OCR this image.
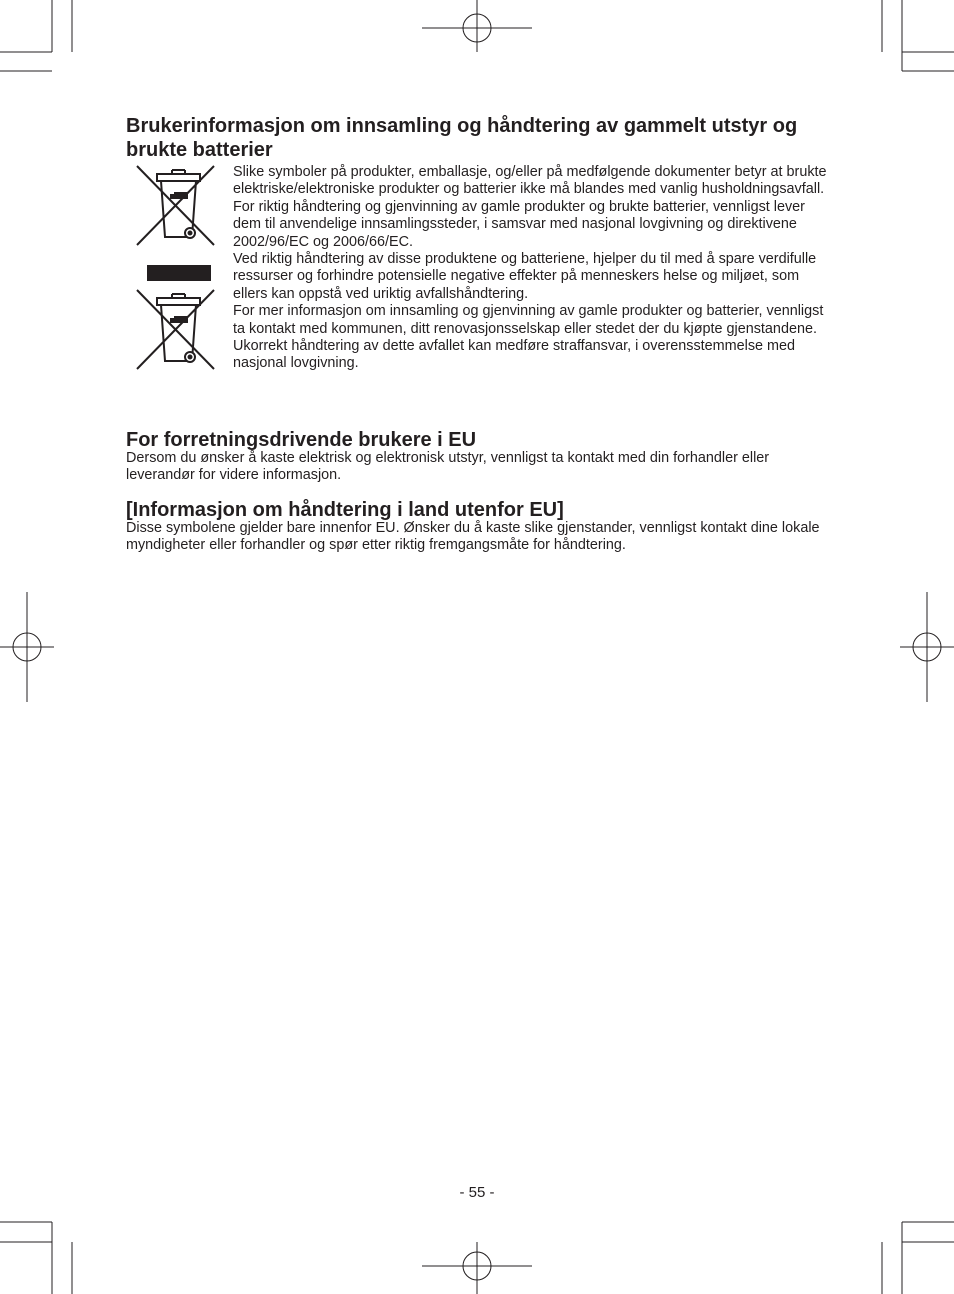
Brukerinformasjon om innsamling og håndtering av gammelt utstyr og brukte batterier

Slike symboler på produkter, emballasje, og/eller på medfølgende dokumenter betyr at brukte elektriske/elektroniske produkter og batterier ikke må blandes med vanlig husholdningsavfall.

For riktig håndtering og gjenvinning av gamle produkter og brukte batterier, vennligst lever dem til anvendelige innsamlingssteder, i samsvar med nasjonal lovgivning og direktivene 2002/96/EC og 2006/66/EC.

Ved riktig håndtering av disse produktene og batteriene, hjelper du til med å spare verdifulle ressurser og forhindre potensielle negative effekter på menneskers helse og miljøet, som ellers kan oppstå ved uriktig avfallshåndtering.

For mer informasjon om innsamling og gjenvinning av gamle produkter og batterier, vennligst ta kontakt med kommunen, ditt renovasjonsselskap eller stedet der du kjøpte gjenstandene.

Ukorrekt håndtering av dette avfallet kan medføre straffansvar, i overensstemmelse med nasjonal lovgivning.

For forretningsdrivende brukere i EU

Dersom du ønsker å kaste elektrisk og elektronisk utstyr, vennligst ta kontakt med din forhandler eller leverandør for videre informasjon.

[Informasjon om håndtering i land utenfor EU]

Disse symbolene gjelder bare innenfor EU. Ønsker du å kaste slike gjenstander, vennligst kontakt dine lokale myndigheter eller forhandler og spør etter riktig fremgangsmåte for håndtering.

- 55 -
